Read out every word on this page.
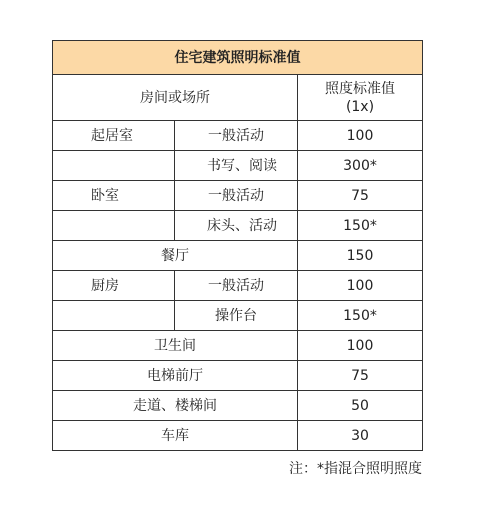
住宅建筑照明标准值		
房间或场所		照度标准值
(1x)

起居室	一般活动	100
	书写、阅读	300*
卧室	一般活动	75
	床头、活动	150*
餐厅		150
厨房	一般活动	100
	操作台	150*
卫生间		100
电梯前厅		75
走道、楼梯间		50
车库		30
注：*指混合照明照度
